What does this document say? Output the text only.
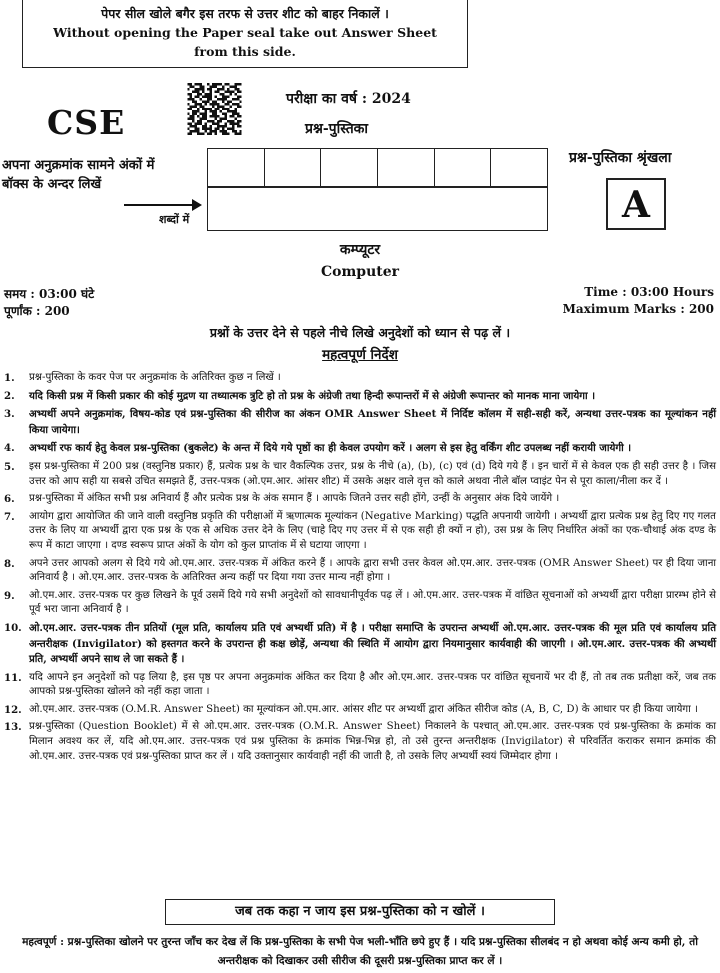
पेपर सील खोले बगैर इस तरफ से उत्तर शीट को बाहर निकालें ।
Without opening the Paper seal take out Answer Sheet
from this side.
CSE
परीक्षा का वर्ष : 2024
प्रश्न-पुस्तिका
अपना अनुक्रमांक सामने अंकों में
बॉक्स के अन्दर लिखें
शब्दों में
प्रश्न-पुस्तिका श्रृंखला
A
कम्प्यूटर
Computer
समय : 03:00 घंटे
पूर्णांक : 200
Time : 03:00 Hours
Maximum Marks : 200
प्रश्नों के उत्तर देने से पहले नीचे लिखे अनुदेशों को ध्यान से पढ़ लें ।
महत्वपूर्ण निर्देश
1. प्रश्न-पुस्तिका के कवर पेज पर अनुक्रमांक के अतिरिक्त कुछ न लिखें ।
2. यदि किसी प्रश्न में किसी प्रकार की कोई मुद्रण या तथ्यात्मक त्रुटि हो तो प्रश्न के अंग्रेजी तथा हिन्दी रूपान्तरों में से अंग्रेजी रूपान्तर को मानक माना जायेगा ।
3. अभ्यर्थी अपने अनुक्रमांक, विषय-कोड एवं प्रश्न-पुस्तिका की सीरीज का अंकन OMR Answer Sheet में निर्दिष्ट कॉलम में सही-सही करें, अन्यथा उत्तर-पत्रक का मूल्यांकन नहीं किया जायेगा।
4. अभ्यर्थी रफ कार्य हेतु केवल प्रश्न-पुस्तिका (बुकलेट) के अन्त में दिये गये पृष्ठों का ही केवल उपयोग करें । अलग से इस हेतु वर्किंग शीट उपलब्ध नहीं करायी जायेगी ।
5. इस प्रश्न-पुस्तिका में 200 प्रश्न (वस्तुनिष्ठ प्रकार) हैं, प्रत्येक प्रश्न के चार वैकल्पिक उत्तर, प्रश्न के नीचे (a), (b), (c) एवं (d) दिये गये हैं । इन चारों में से केवल एक ही सही उत्तर है । जिस उत्तर को आप सही या सबसे उचित समझते हैं, उत्तर-पत्रक (ओ.एम.आर. आंसर शीट) में उसके अक्षर वाले वृत्त को काले अथवा नीले बॉल प्वाइंट पेन से पूरा काला/नीला कर दें ।
6. प्रश्न-पुस्तिका में अंकित सभी प्रश्न अनिवार्य हैं और प्रत्येक प्रश्न के अंक समान हैं । आपके जितने उत्तर सही होंगे, उन्हीं के अनुसार अंक दिये जायेंगे ।
7. आयोग द्वारा आयोजित की जाने वाली वस्तुनिष्ठ प्रकृति की परीक्षाओं में ऋणात्मक मूल्यांकन (Negative Marking) पद्धति अपनायी जायेगी । अभ्यर्थी द्वारा प्रत्येक प्रश्न हेतु दिए गए गलत उत्तर के लिए या अभ्यर्थी द्वारा एक प्रश्न के एक से अधिक उत्तर देने के लिए (चाहे दिए गए उत्तर में से एक सही ही क्यों न हो), उस प्रश्न के लिए निर्धारित अंकों का एक-चौथाई अंक दण्ड के रूप में काटा जाएगा । दण्ड स्वरूप प्राप्त अंकों के योग को कुल प्राप्तांक में से घटाया जाएगा ।
8. अपने उत्तर आपको अलग से दिये गये ओ.एम.आर. उत्तर-पत्रक में अंकित करने हैं । आपके द्वारा सभी उत्तर केवल ओ.एम.आर. उत्तर-पत्रक (OMR Answer Sheet) पर ही दिया जाना अनिवार्य है । ओ.एम.आर. उत्तर-पत्रक के अतिरिक्त अन्य कहीं पर दिया गया उत्तर मान्य नहीं होगा ।
9. ओ.एम.आर. उत्तर-पत्रक पर कुछ लिखने के पूर्व उसमें दिये गये सभी अनुदेशों को सावधानीपूर्वक पढ़ लें । ओ.एम.आर. उत्तर-पत्रक में वांछित सूचनाओं को अभ्यर्थी द्वारा परीक्षा प्रारम्भ होने से पूर्व भरा जाना अनिवार्य है ।
10. ओ.एम.आर. उत्तर-पत्रक तीन प्रतियों (मूल प्रति, कार्यालय प्रति एवं अभ्यर्थी प्रति) में है । परीक्षा समाप्ति के उपरान्त अभ्यर्थी ओ.एम.आर. उत्तर-पत्रक की मूल प्रति एवं कार्यालय प्रति अन्तरीक्षक (Invigilator) को हस्तगत करने के उपरान्त ही कक्ष छोड़ें, अन्यथा की स्थिति में आयोग द्वारा नियमानुसार कार्यवाही की जाएगी । ओ.एम.आर. उत्तर-पत्रक की अभ्यर्थी प्रति, अभ्यर्थी अपने साथ ले जा सकते हैं ।
11. यदि आपने इन अनुदेशों को पढ़ लिया है, इस पृष्ठ पर अपना अनुक्रमांक अंकित कर दिया है और ओ.एम.आर. उत्तर-पत्रक पर वांछित सूचनायें भर दी हैं, तो तब तक प्रतीक्षा करें, जब तक आपको प्रश्न-पुस्तिका खोलने को नहीं कहा जाता ।
12. ओ.एम.आर. उत्तर-पत्रक (O.M.R. Answer Sheet) का मूल्यांकन ओ.एम.आर. आंसर शीट पर अभ्यर्थी द्वारा अंकित सीरीज कोड (A, B, C, D) के आधार पर ही किया जायेगा ।
13. प्रश्न-पुस्तिका (Question Booklet) में से ओ.एम.आर. उत्तर-पत्रक (O.M.R. Answer Sheet) निकालने के पश्चात् ओ.एम.आर. उत्तर-पत्रक एवं प्रश्न-पुस्तिका के क्रमांक का मिलान अवश्य कर लें, यदि ओ.एम.आर. उत्तर-पत्रक एवं प्रश्न पुस्तिका के क्रमांक भिन्न-भिन्न हो, तो उसे तुरन्त अन्तरीक्षक (Invigilator) से परिवर्तित कराकर समान क्रमांक की ओ.एम.आर. उत्तर-पत्रक एवं प्रश्न-पुस्तिका प्राप्त कर लें । यदि उक्तानुसार कार्यवाही नहीं की जाती है, तो उसके लिए अभ्यर्थी स्वयं जिम्मेदार होगा ।
जब तक कहा न जाय इस प्रश्न-पुस्तिका को न खोलें ।
महत्वपूर्ण : प्रश्न-पुस्तिका खोलने पर तुरन्त जाँच कर देख लें कि प्रश्न-पुस्तिका के सभी पेज भली-भाँति छपे हुए हैं । यदि प्रश्न-पुस्तिका सीलबंद न हो अथवा कोई अन्य कमी हो, तो अन्तरीक्षक को दिखाकर उसी सीरीज की दूसरी प्रश्न-पुस्तिका प्राप्त कर लें ।
